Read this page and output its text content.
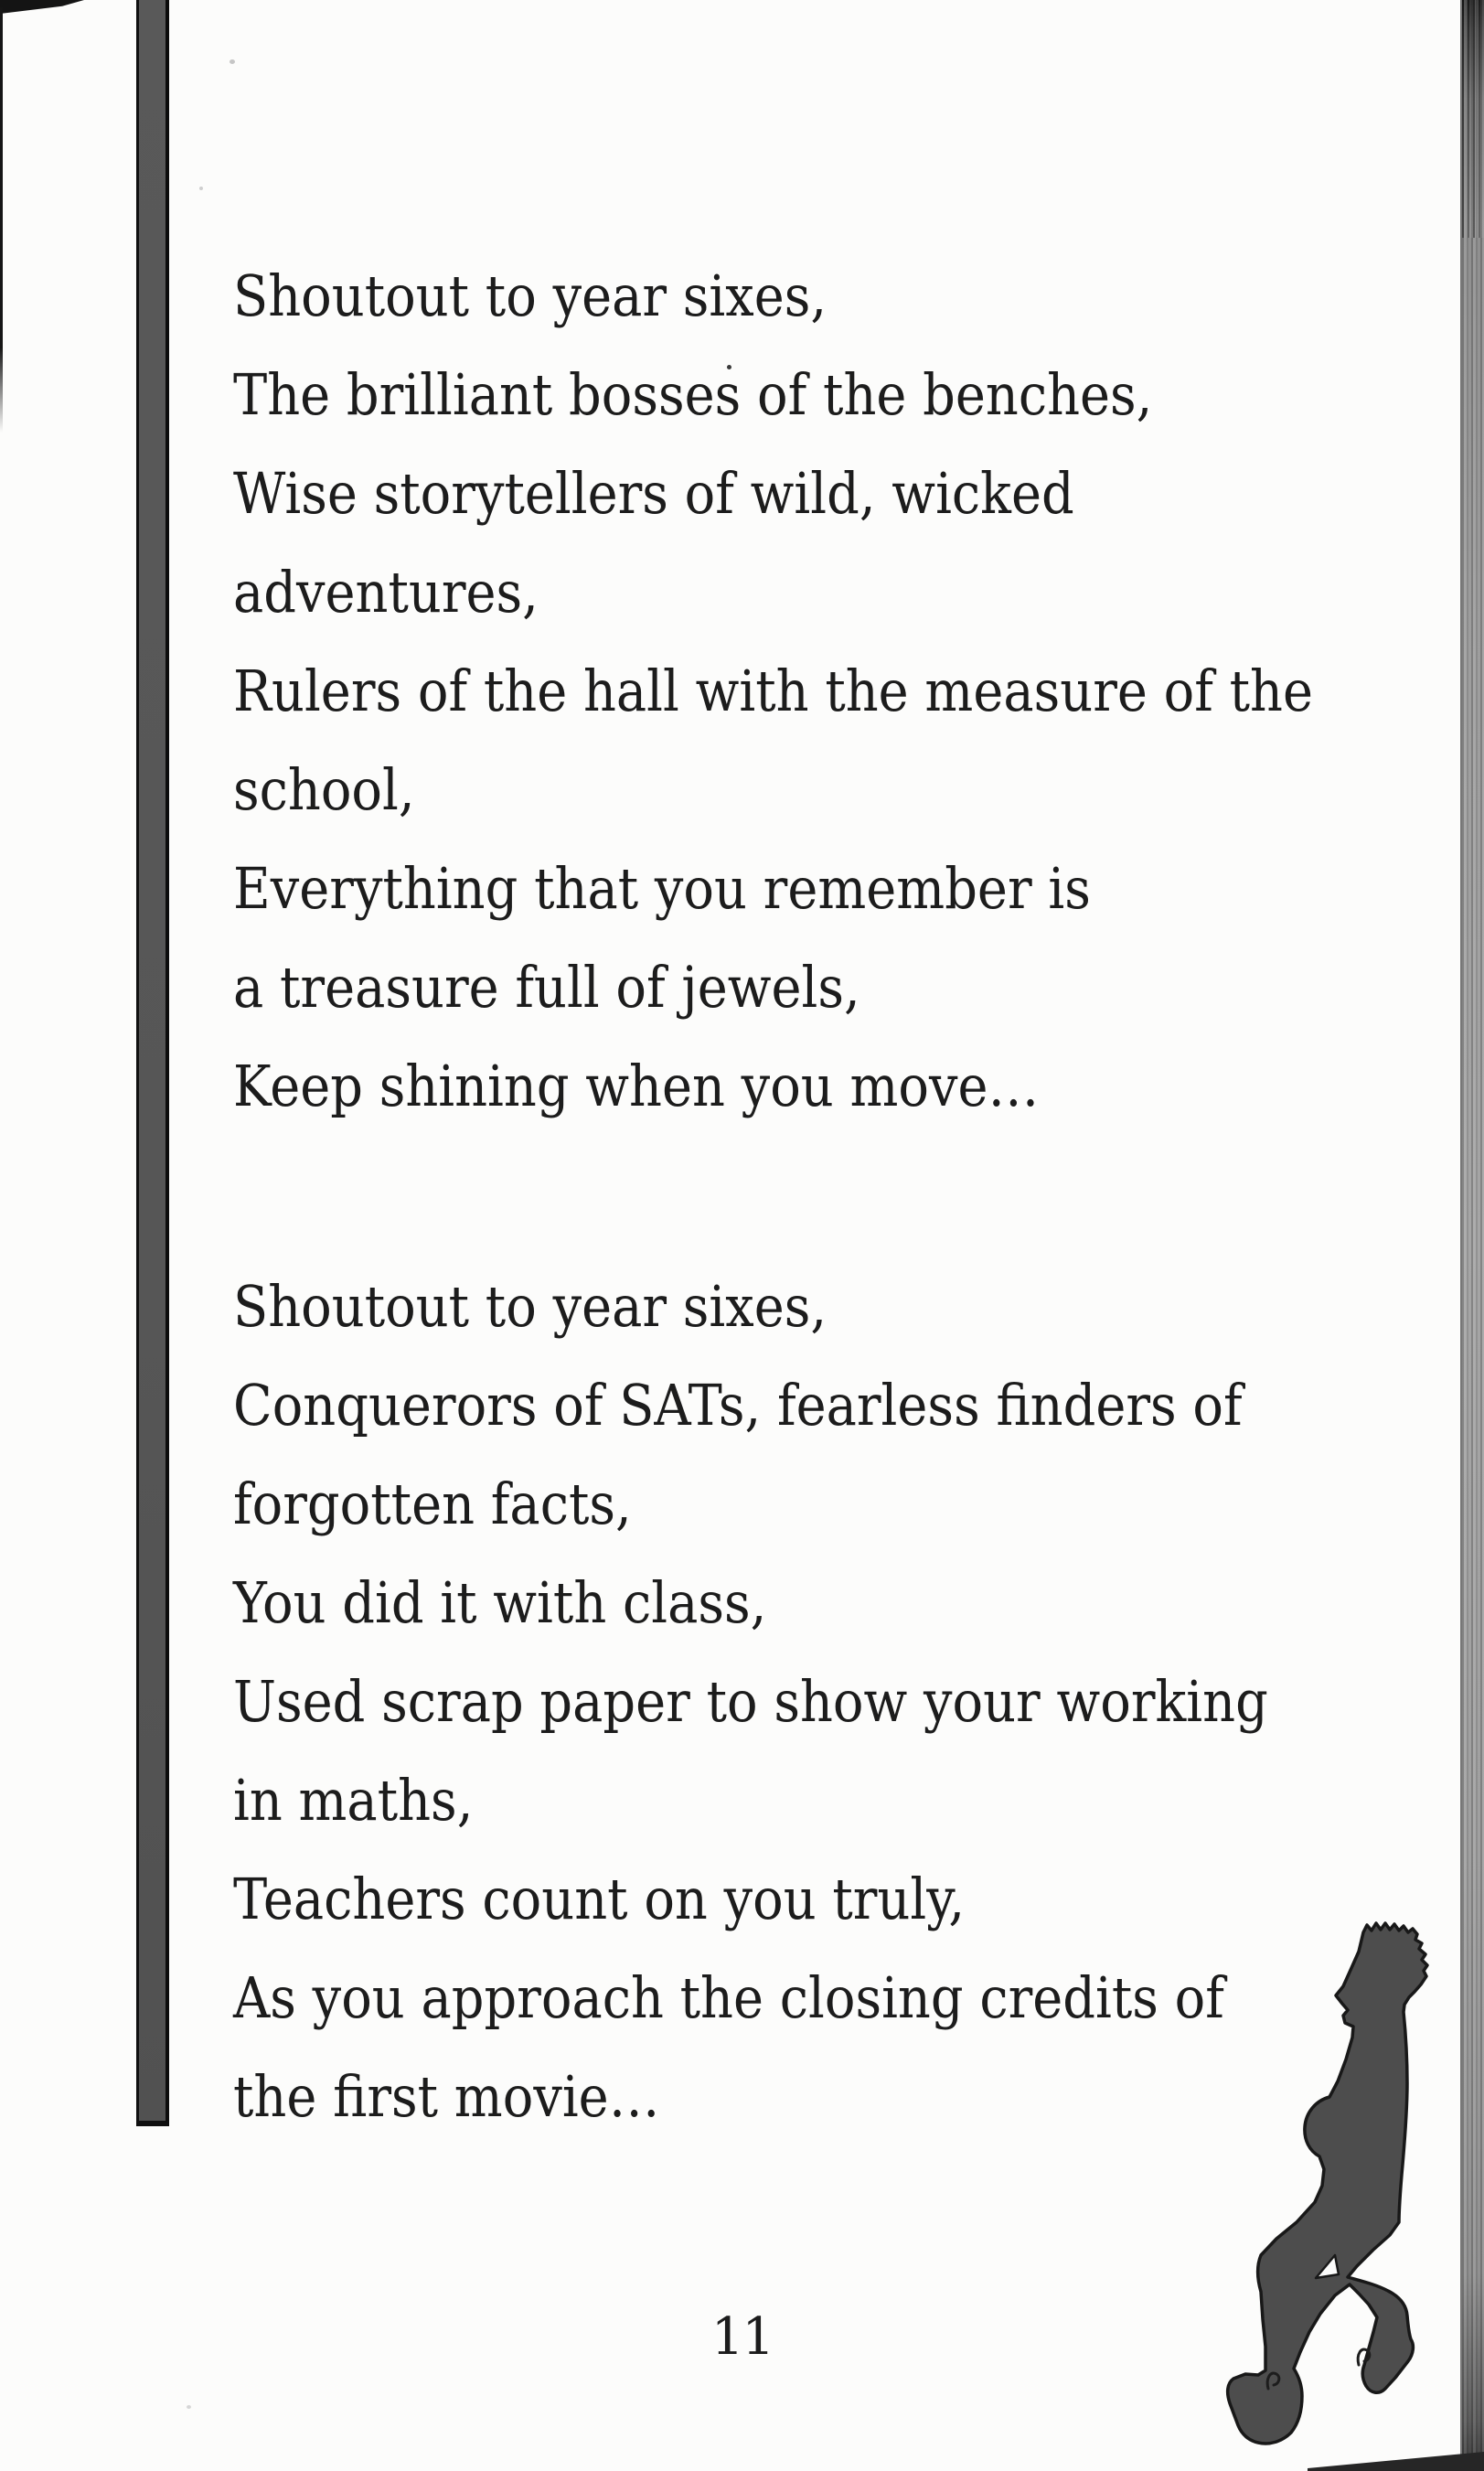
Shoutout to year sixes,
The brilliant bosses of the benches,
Wise storytellers of wild, wicked
adventures,
Rulers of the hall with the measure of the
school,
Everything that you remember is
a treasure full of jewels,
Keep shining when you move…
Shoutout to year sixes,
Conquerors of SATs, fearless finders of
forgotten facts,
You did it with class,
Used scrap paper to show your working
in maths,
Teachers count on you truly,
As you approach the closing credits of
the first movie…
11
